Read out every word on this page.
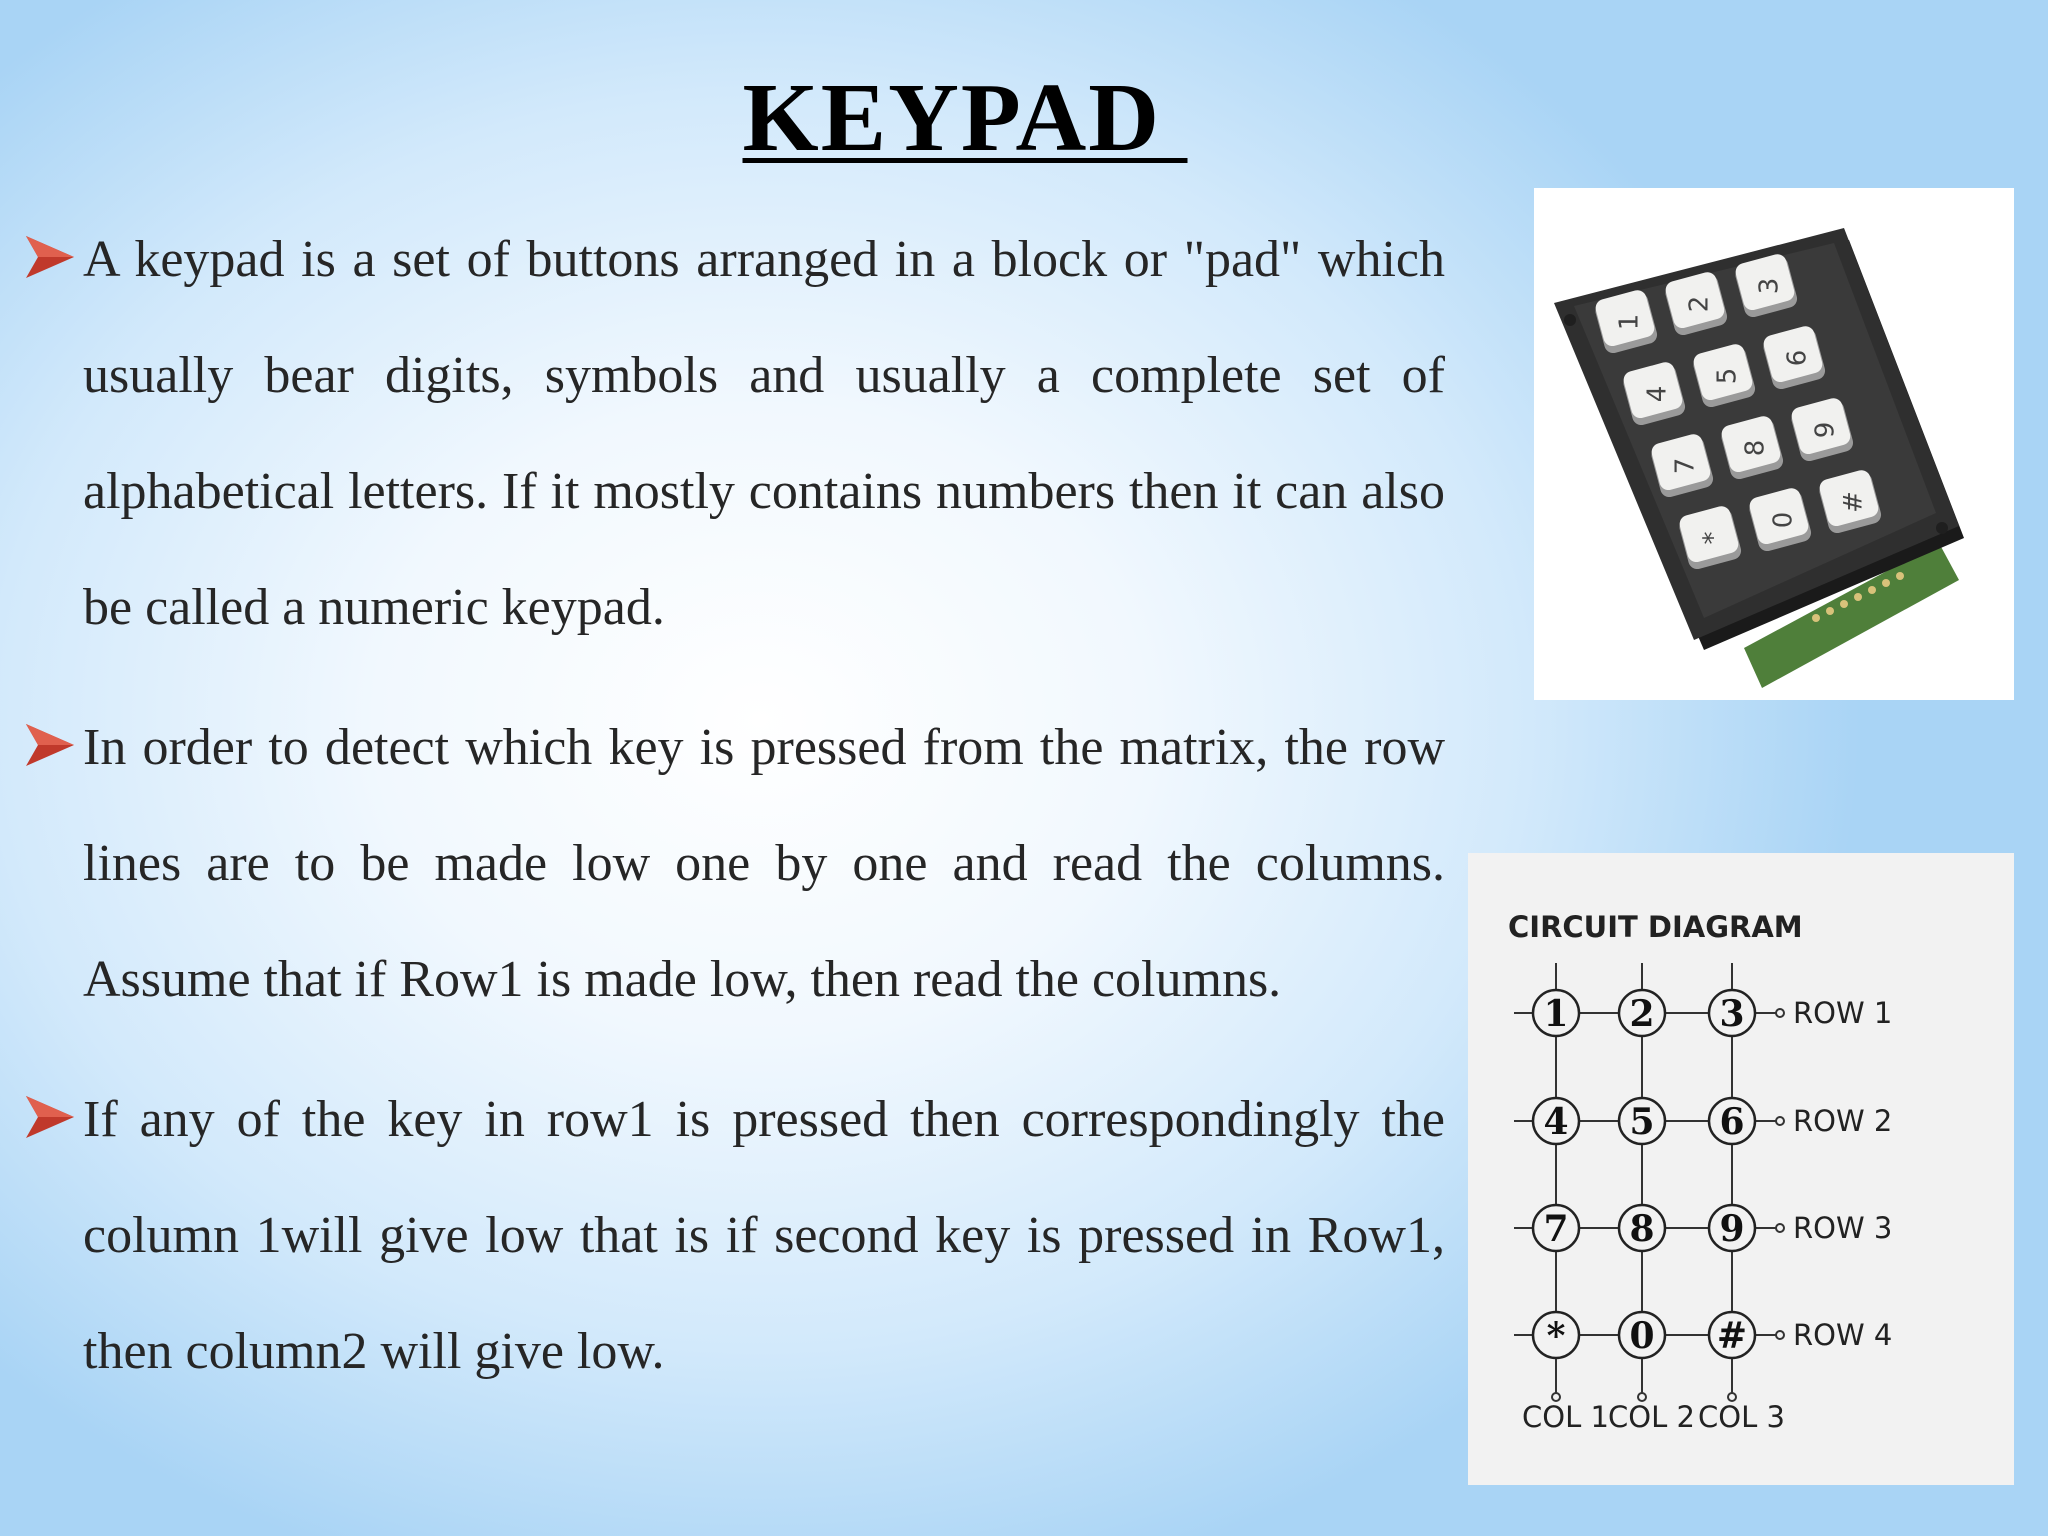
KEYPAD

A keypad is a set of buttons arranged in a block or "pad" which usually bear digits, symbols and usually a complete set of alphabetical letters. If it mostly contains numbers then it can also be called a numeric keypad.

In order to detect which key is pressed from the matrix, the row lines are to be made low one by one and read the columns. Assume that if Row1 is made low, then read the columns.

If any of the key in row1 is pressed then correspondingly the column 1will give low that is if second key is pressed in Row1, then column2 will give low.

1
2
3
4
5
6
7
8
9
*
0
#
CIRCUIT DIAGRAM
1 2 3
4 5 6
7 8 9
* 0 #
ROW 1
ROW 2
ROW 3
ROW 4
COL 1 COL 2 COL 3
